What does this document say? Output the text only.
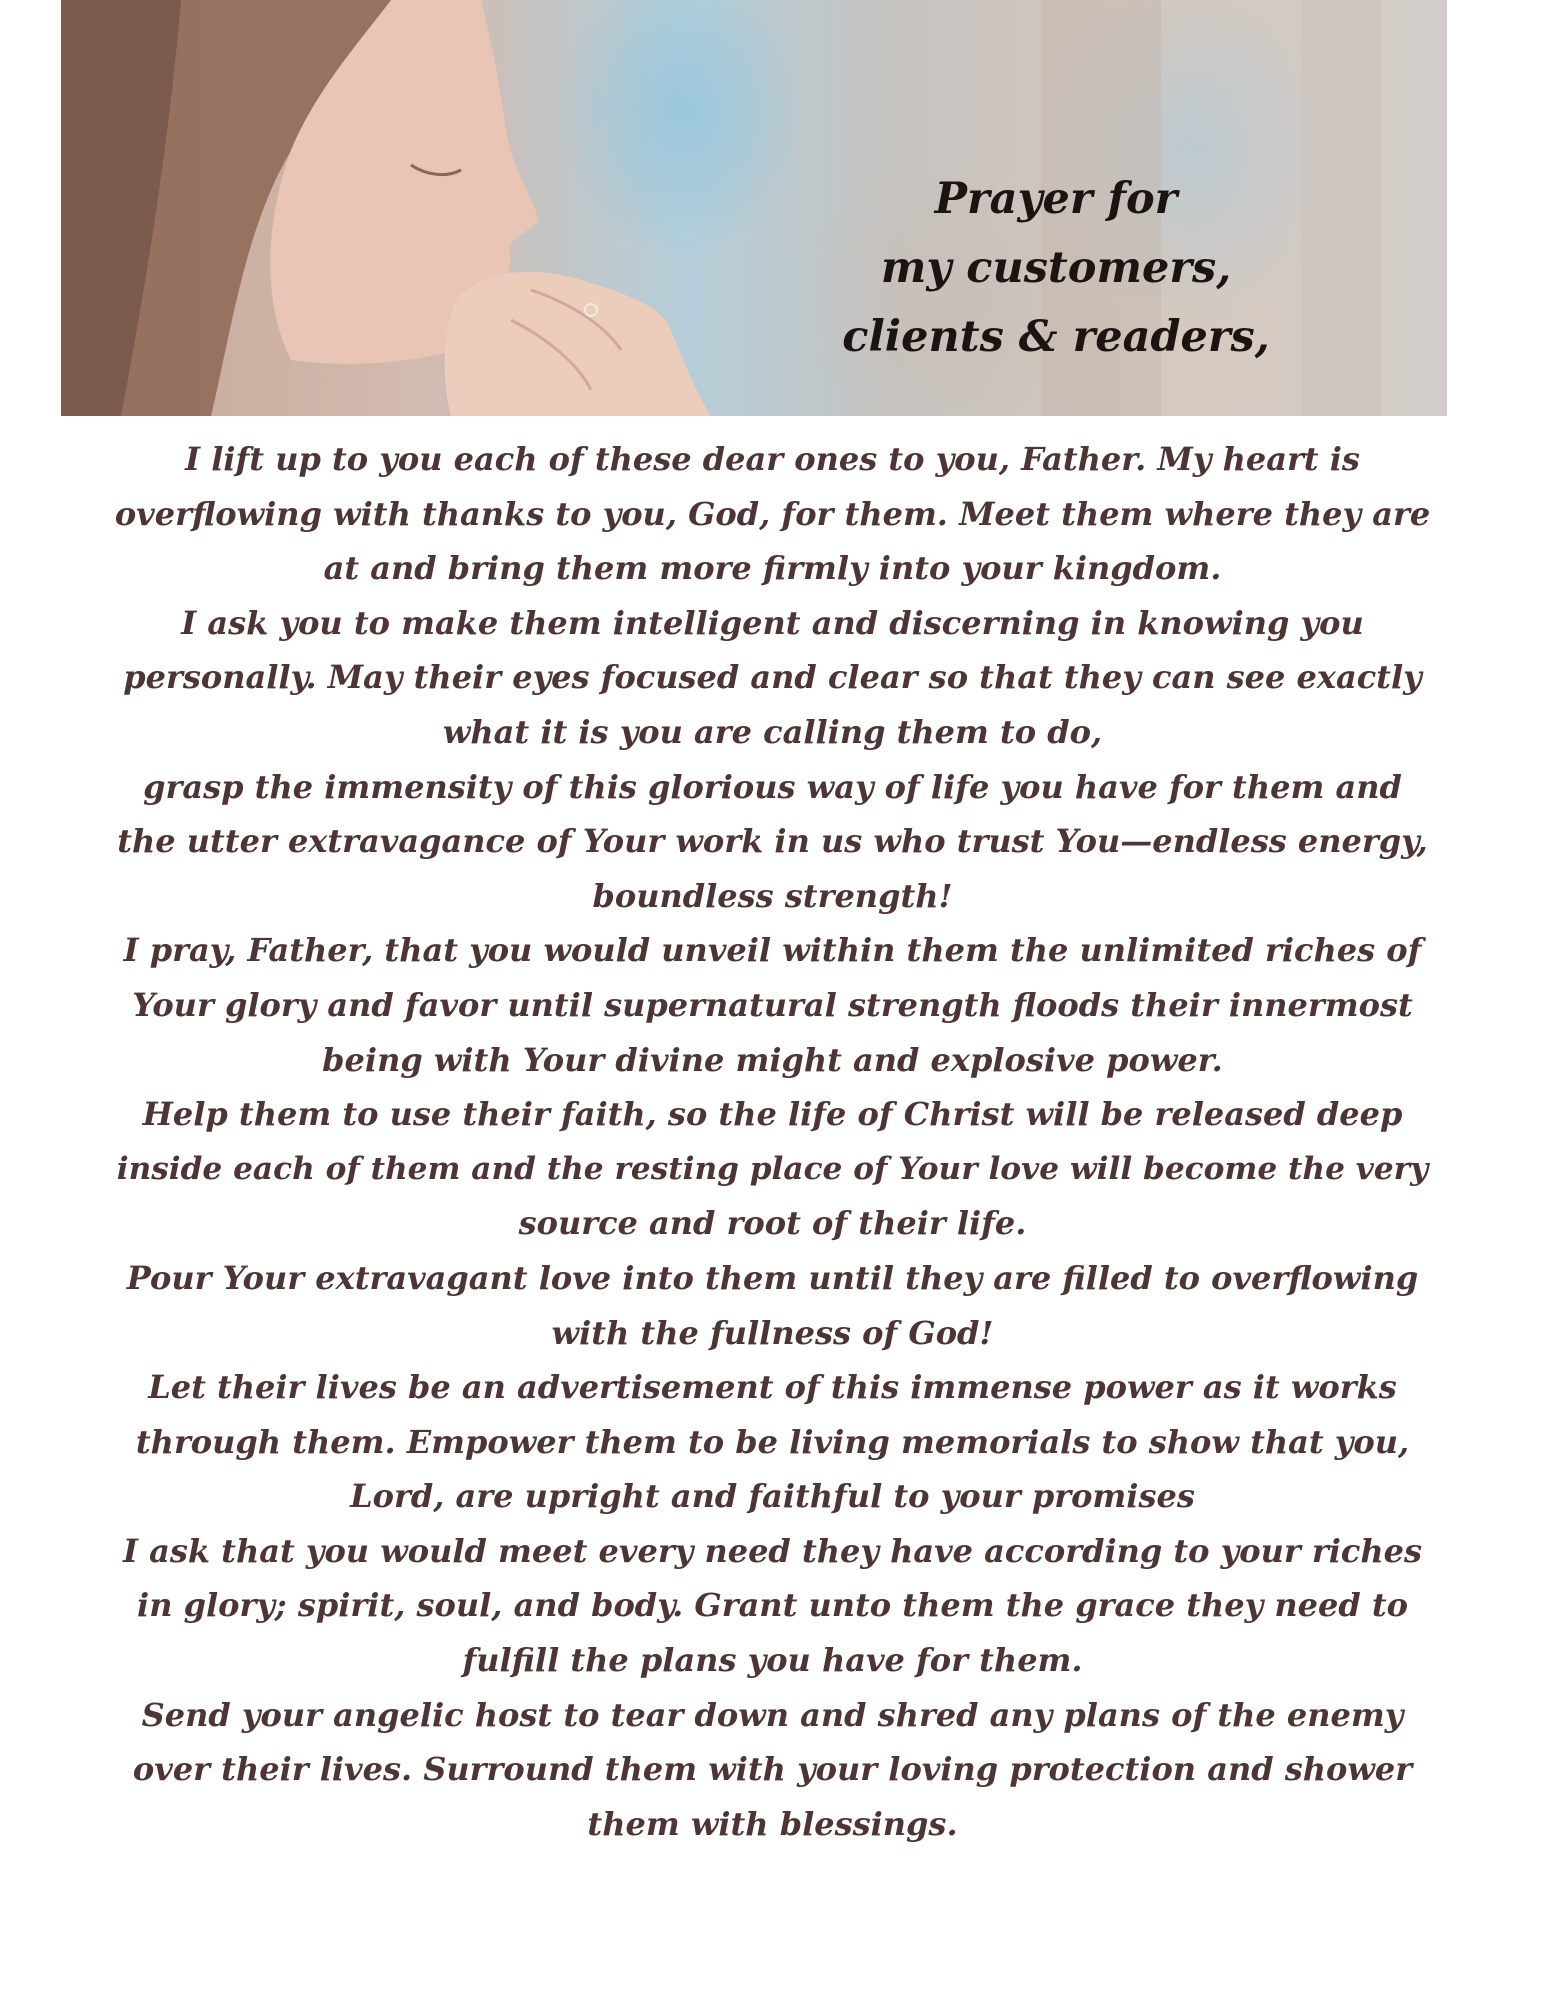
Prayer for
my customers,
clients & readers,
I lift up to you each of these dear ones to you, Father. My heart is
overflowing with thanks to you, God, for them. Meet them where they are
at and bring them more firmly into your kingdom.
I ask you to make them intelligent and discerning in knowing you
personally. May their eyes focused and clear so that they can see exactly
what it is you are calling them to do,
grasp the immensity of this glorious way of life you have for them and
the utter extravagance of Your work in us who trust You—endless energy,
boundless strength!
I pray, Father, that you would unveil within them the unlimited riches of
Your glory and favor until supernatural strength floods their innermost
being with Your divine might and explosive power.
Help them to use their faith, so the life of Christ will be released deep
inside each of them and the resting place of Your love will become the very
source and root of their life.
Pour Your extravagant love into them until they are filled to overflowing
with the fullness of God!
Let their lives be an advertisement of this immense power as it works
through them. Empower them to be living memorials to show that you,
Lord, are upright and faithful to your promises
I ask that you would meet every need they have according to your riches
in glory; spirit, soul, and body. Grant unto them the grace they need to
fulfill the plans you have for them.
Send your angelic host to tear down and shred any plans of the enemy
over their lives. Surround them with your loving protection and shower
them with blessings.
